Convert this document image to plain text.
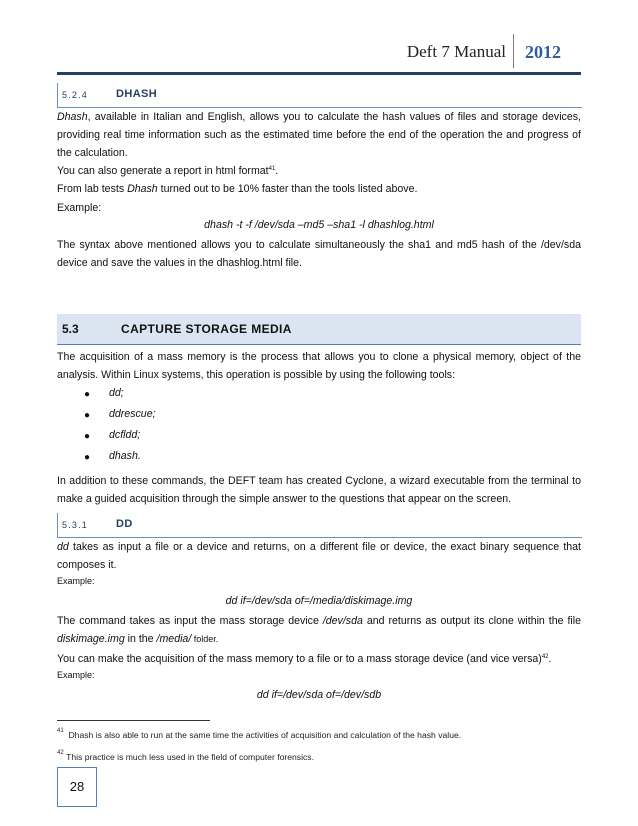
Deft 7 Manual 2012
5.2.4	DHASH
Dhash, available in Italian and English, allows you to calculate the hash values of files and storage devices, providing real time information such as the estimated time before the end of the operation the and progress of the calculation.
You can also generate a report in html format$^{41}$.
From lab tests Dhash turned out to be 10% faster than the tools listed above.
Example:
dhash -t -f /dev/sda –md5 –sha1 -l dhashlog.html
The syntax above mentioned allows you to calculate simultaneously the sha1 and md5 hash of the /dev/sda device and save the values in the dhashlog.html file.
5.3	CAPTURE STORAGE MEDIA
The acquisition of a mass memory is the process that allows you to clone a physical memory, object of the analysis. Within Linux systems, this operation is possible by using the following tools:
● dd;
● ddrescue;
● dcfldd;
● dhash.
In addition to these commands, the DEFT team has created Cyclone, a wizard executable from the terminal to make a guided acquisition through the simple answer to the questions that appear on the screen.
5.3.1	DD
dd takes as input a file or a device and returns, on a different file or device, the exact binary sequence that composes it.
Example:
dd if=/dev/sda of=/media/diskimage.img
The command takes as input the mass storage device /dev/sda and returns as output its clone within the file diskimage.img in the /media/ folder.
You can make the acquisition of the mass memory to a file or to a mass storage device (and vice versa)$^{42}$.
Example:
dd if=/dev/sda of=/dev/sdb
$^{41}$ Dhash is also able to run at the same time the activities of acquisition and calculation of the hash value.
$^{42}$ This practice is much less used in the field of computer forensics.
28
